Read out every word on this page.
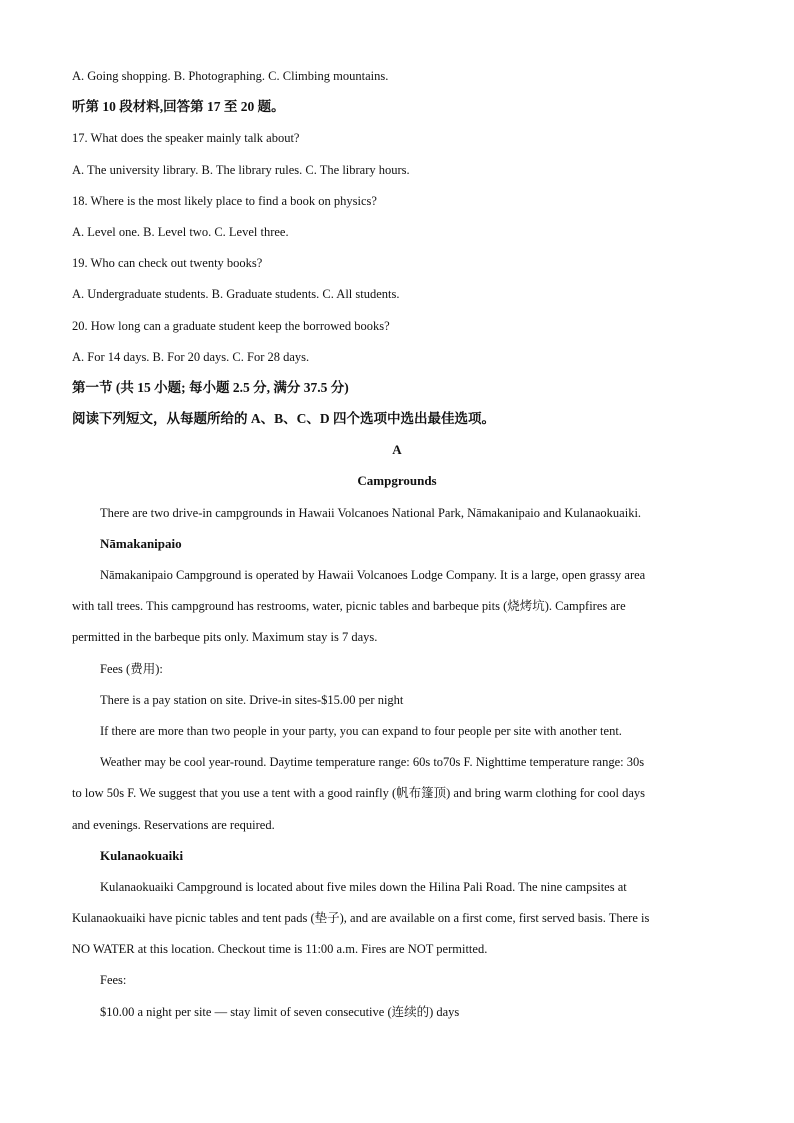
A. Going shopping. B. Photographing. C. Climbing mountains.
听第 10 段材料,回答第 17 至 20 题。
17. What does the speaker mainly talk about?
A. The university library. B. The library rules. C. The library hours.
18. Where is the most likely place to find a book on physics?
A. Level one. B. Level two. C. Level three.
19. Who can check out twenty books?
A. Undergraduate students. B. Graduate students. C. All students.
20. How long can a graduate student keep the borrowed books?
A. For 14 days. B. For 20 days. C. For 28 days.
第一节 (共 15 小题; 每小题 2.5 分, 满分 37.5 分)
阅读下列短文，从每题所给的 A、B、C、D 四个选项中选出最佳选项。
A
Campgrounds
There are two drive-in campgrounds in Hawaii Volcanoes National Park, Nāmakanipaio and Kulanaokuaiki.
Nāmakanipaio
Nāmakanipaio Campground is operated by Hawaii Volcanoes Lodge Company. It is a large, open grassy area
with tall trees. This campground has restrooms, water, picnic tables and barbeque pits (烧烤坑). Campfires are
permitted in the barbeque pits only. Maximum stay is 7 days.
Fees (费用):
There is a pay station on site. Drive-in sites-$15.00 per night
If there are more than two people in your party, you can expand to four people per site with another tent.
Weather may be cool year-round. Daytime temperature range: 60s to70s F. Nighttime temperature range: 30s
to low 50s F. We suggest that you use a tent with a good rainfly (帆布篷顶) and bring warm clothing for cool days
and evenings. Reservations are required.
Kulanaokuaiki
Kulanaokuaiki Campground is located about five miles down the Hilina Pali Road. The nine campsites at
Kulanaokuaiki have picnic tables and tent pads (垫子), and are available on a first come, first served basis. There is
NO WATER at this location. Checkout time is 11:00 a.m. Fires are NOT permitted.
Fees:
$10.00 a night per site — stay limit of seven consecutive (连续的) days
